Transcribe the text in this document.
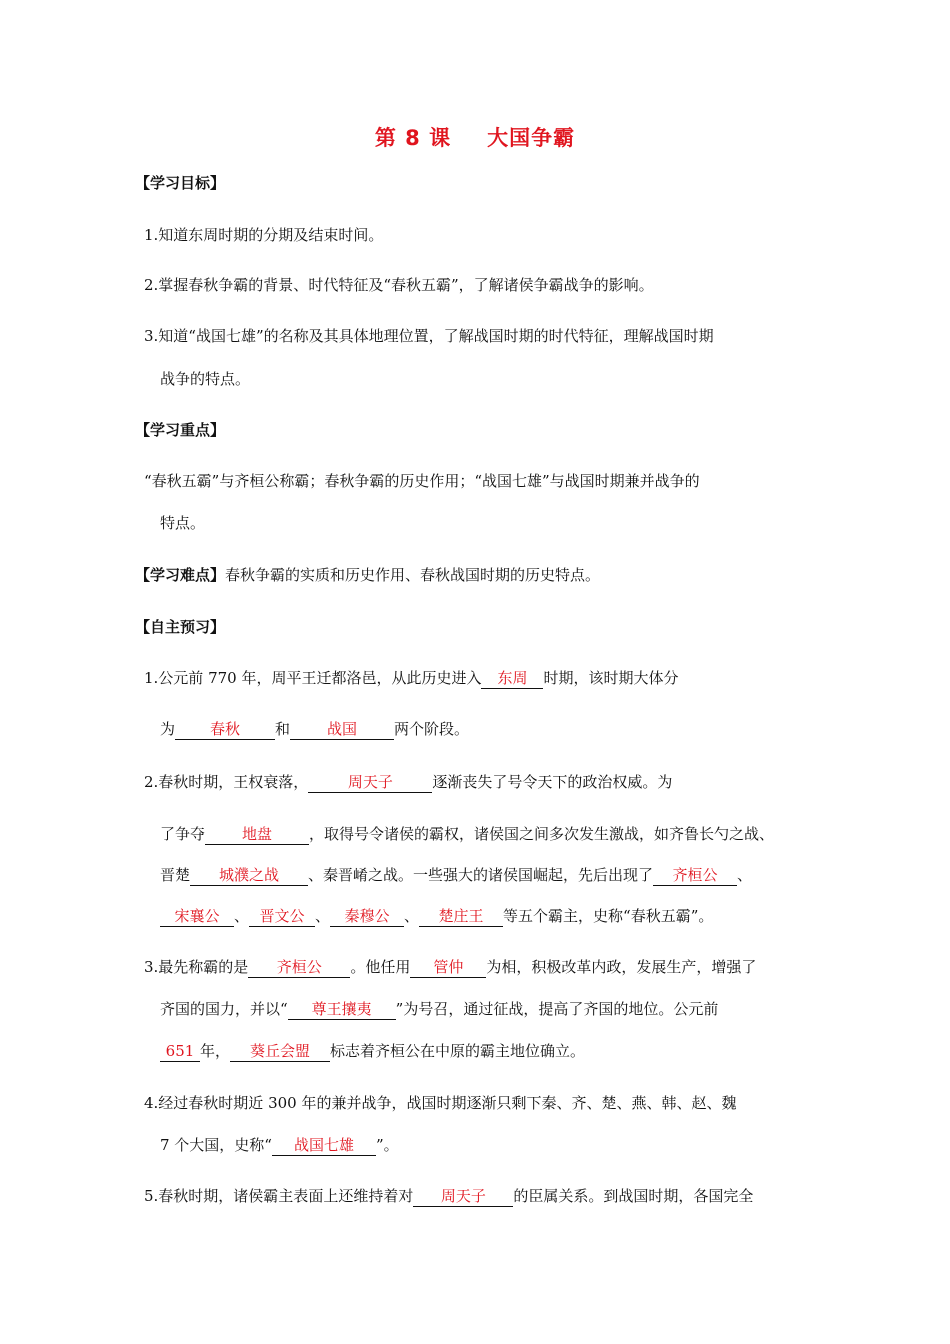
第 8 课 大国争霸
【学习目标】
1.知道东周时期的分期及结束时间。
2.掌握春秋争霸的背景、时代特征及“春秋五霸”，了解诸侯争霸战争的影响。
3.知道“战国七雄”的名称及其具体地理位置，了解战国时期的时代特征，理解战国时期
战争的特点。
【学习重点】
“春秋五霸”与齐桓公称霸；春秋争霸的历史作用；“战国七雄”与战国时期兼并战争的
特点。
【学习难点】春秋争霸的实质和历史作用、春秋战国时期的历史特点。
【自主预习】
1.公元前 770 年，周平王迁都洛邑，从此历史进入 东周 时期，该时期大体分
为 春秋 和 战国 两个阶段。
2.春秋时期，王权衰落，	周天子	逐渐丧失了号令天下的政治权威。为
了争夺 地盘 ，取得号令诸侯的霸权，诸侯国之间多次发生激战，如齐鲁长勺之战、
晋楚 城濮之战 、秦晋崤之战。一些强大的诸侯国崛起，先后出现了 齐桓公 、
宋襄公 、 晋文公 、 秦穆公 、 楚庄王 等五个霸主，史称“春秋五霸”。
3.最先称霸的是 齐桓公 。他任用 管仲 为相，积极改革内政，发展生产，增强了
齐国的国力，并以“ 尊王攘夷 ”为号召，通过征战，提高了齐国的地位。公元前
651 年， 葵丘会盟 标志着齐桓公在中原的霸主地位确立。
4.经过春秋时期近 300 年的兼并战争，战国时期逐渐只剩下秦、齐、楚、燕、韩、赵、魏
7 个大国，史称“ 战国七雄 ”。
5.春秋时期，诸侯霸主表面上还维持着对 周天子 的臣属关系。到战国时期，各国完全
